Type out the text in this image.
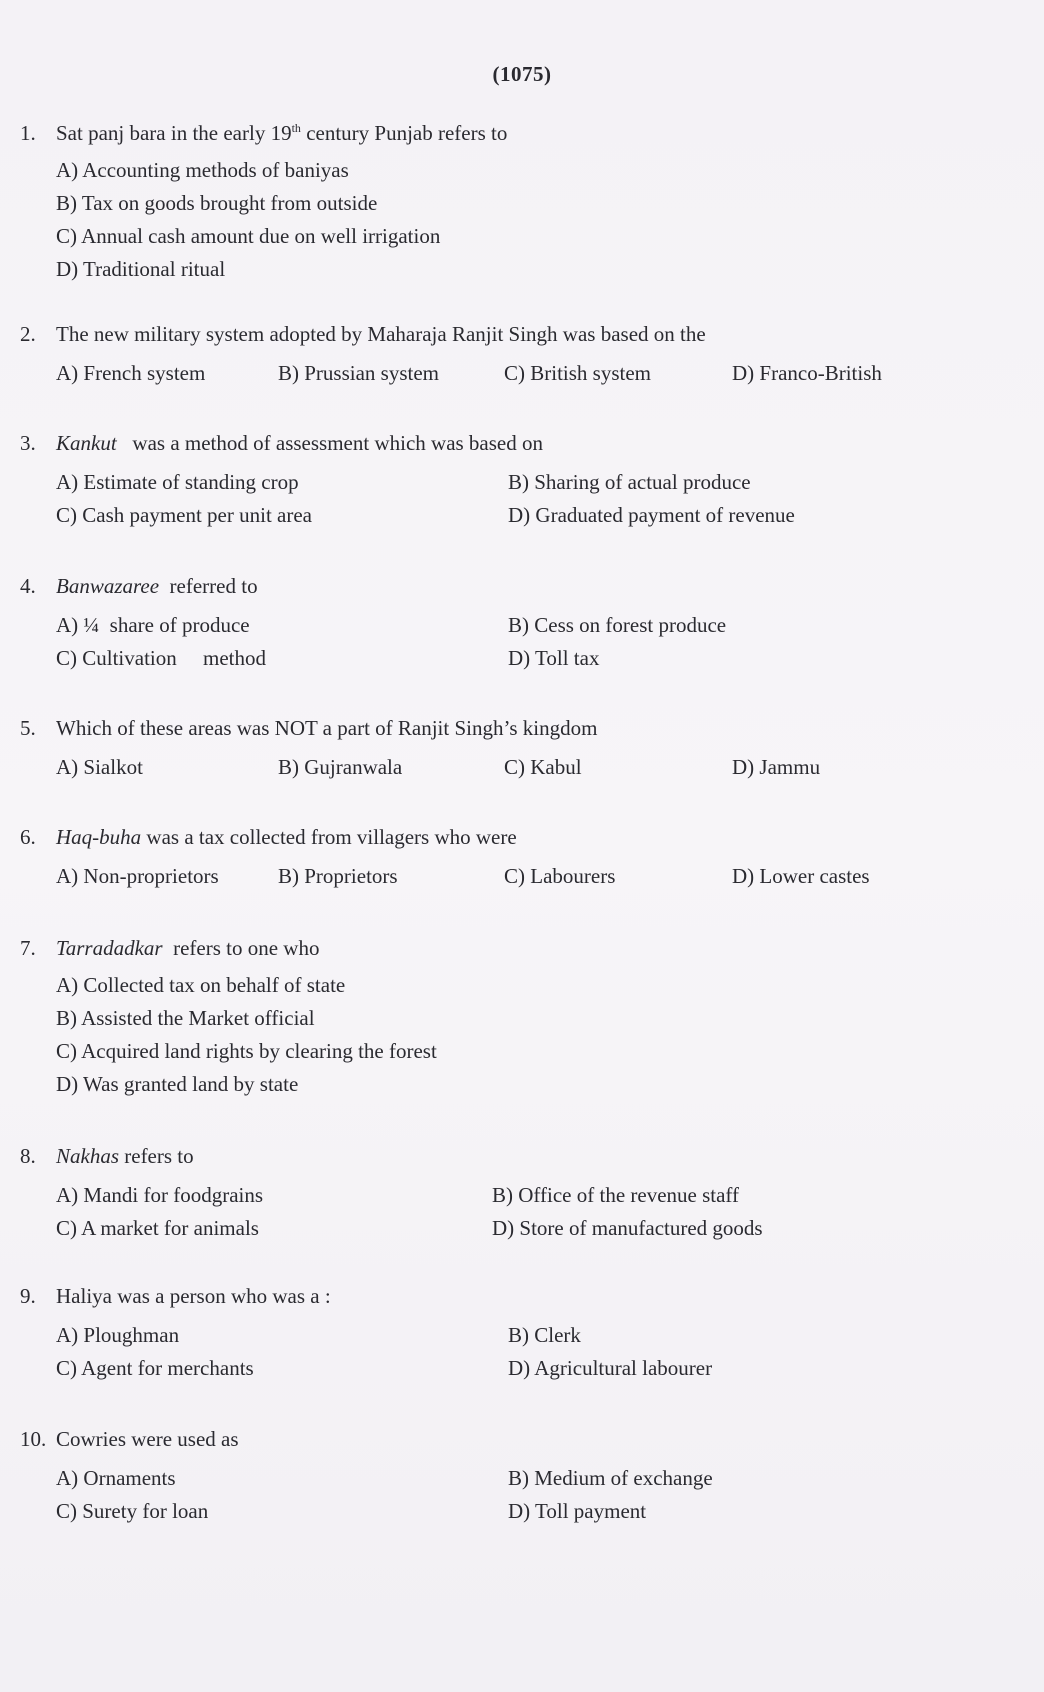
(1075)
1. Sat panj bara in the early 19th century Punjab refers to
A) Accounting methods of baniyas
B) Tax on goods brought from outside
C) Annual cash amount due on well irrigation
D) Traditional ritual
2. The new military system adopted by Maharaja Ranjit Singh was based on the
A) French system	B) Prussian system	C) British system	D) Franco-British
3. Kankut   was a method of assessment which was based on
A) Estimate of standing crop	B) Sharing of actual produce
C) Cash payment per unit area	D) Graduated payment of revenue
4. Banwazaree  referred to
A) ¼  share of produce	B) Cess on forest produce
C) Cultivation     method	D) Toll tax
5. Which of these areas was NOT a part of Ranjit Singh’s kingdom
A) Sialkot	B) Gujranwala	C) Kabul	D) Jammu
6. Haq-buha was a tax collected from villagers who were
A) Non-proprietors	B) Proprietors	C) Labourers	D) Lower castes
7. Tarradadkar  refers to one who
A) Collected tax on behalf of state
B) Assisted the Market official
C) Acquired land rights by clearing the forest
D) Was granted land by state
8. Nakhas refers to
A) Mandi for foodgrains	B) Office of the revenue staff
C) A market for animals	D) Store of manufactured goods
9. Haliya was a person who was a :
A) Ploughman	B) Clerk
C) Agent for merchants	D) Agricultural labourer
10. Cowries were used as
A) Ornaments	B) Medium of exchange
C) Surety for loan	D) Toll payment
